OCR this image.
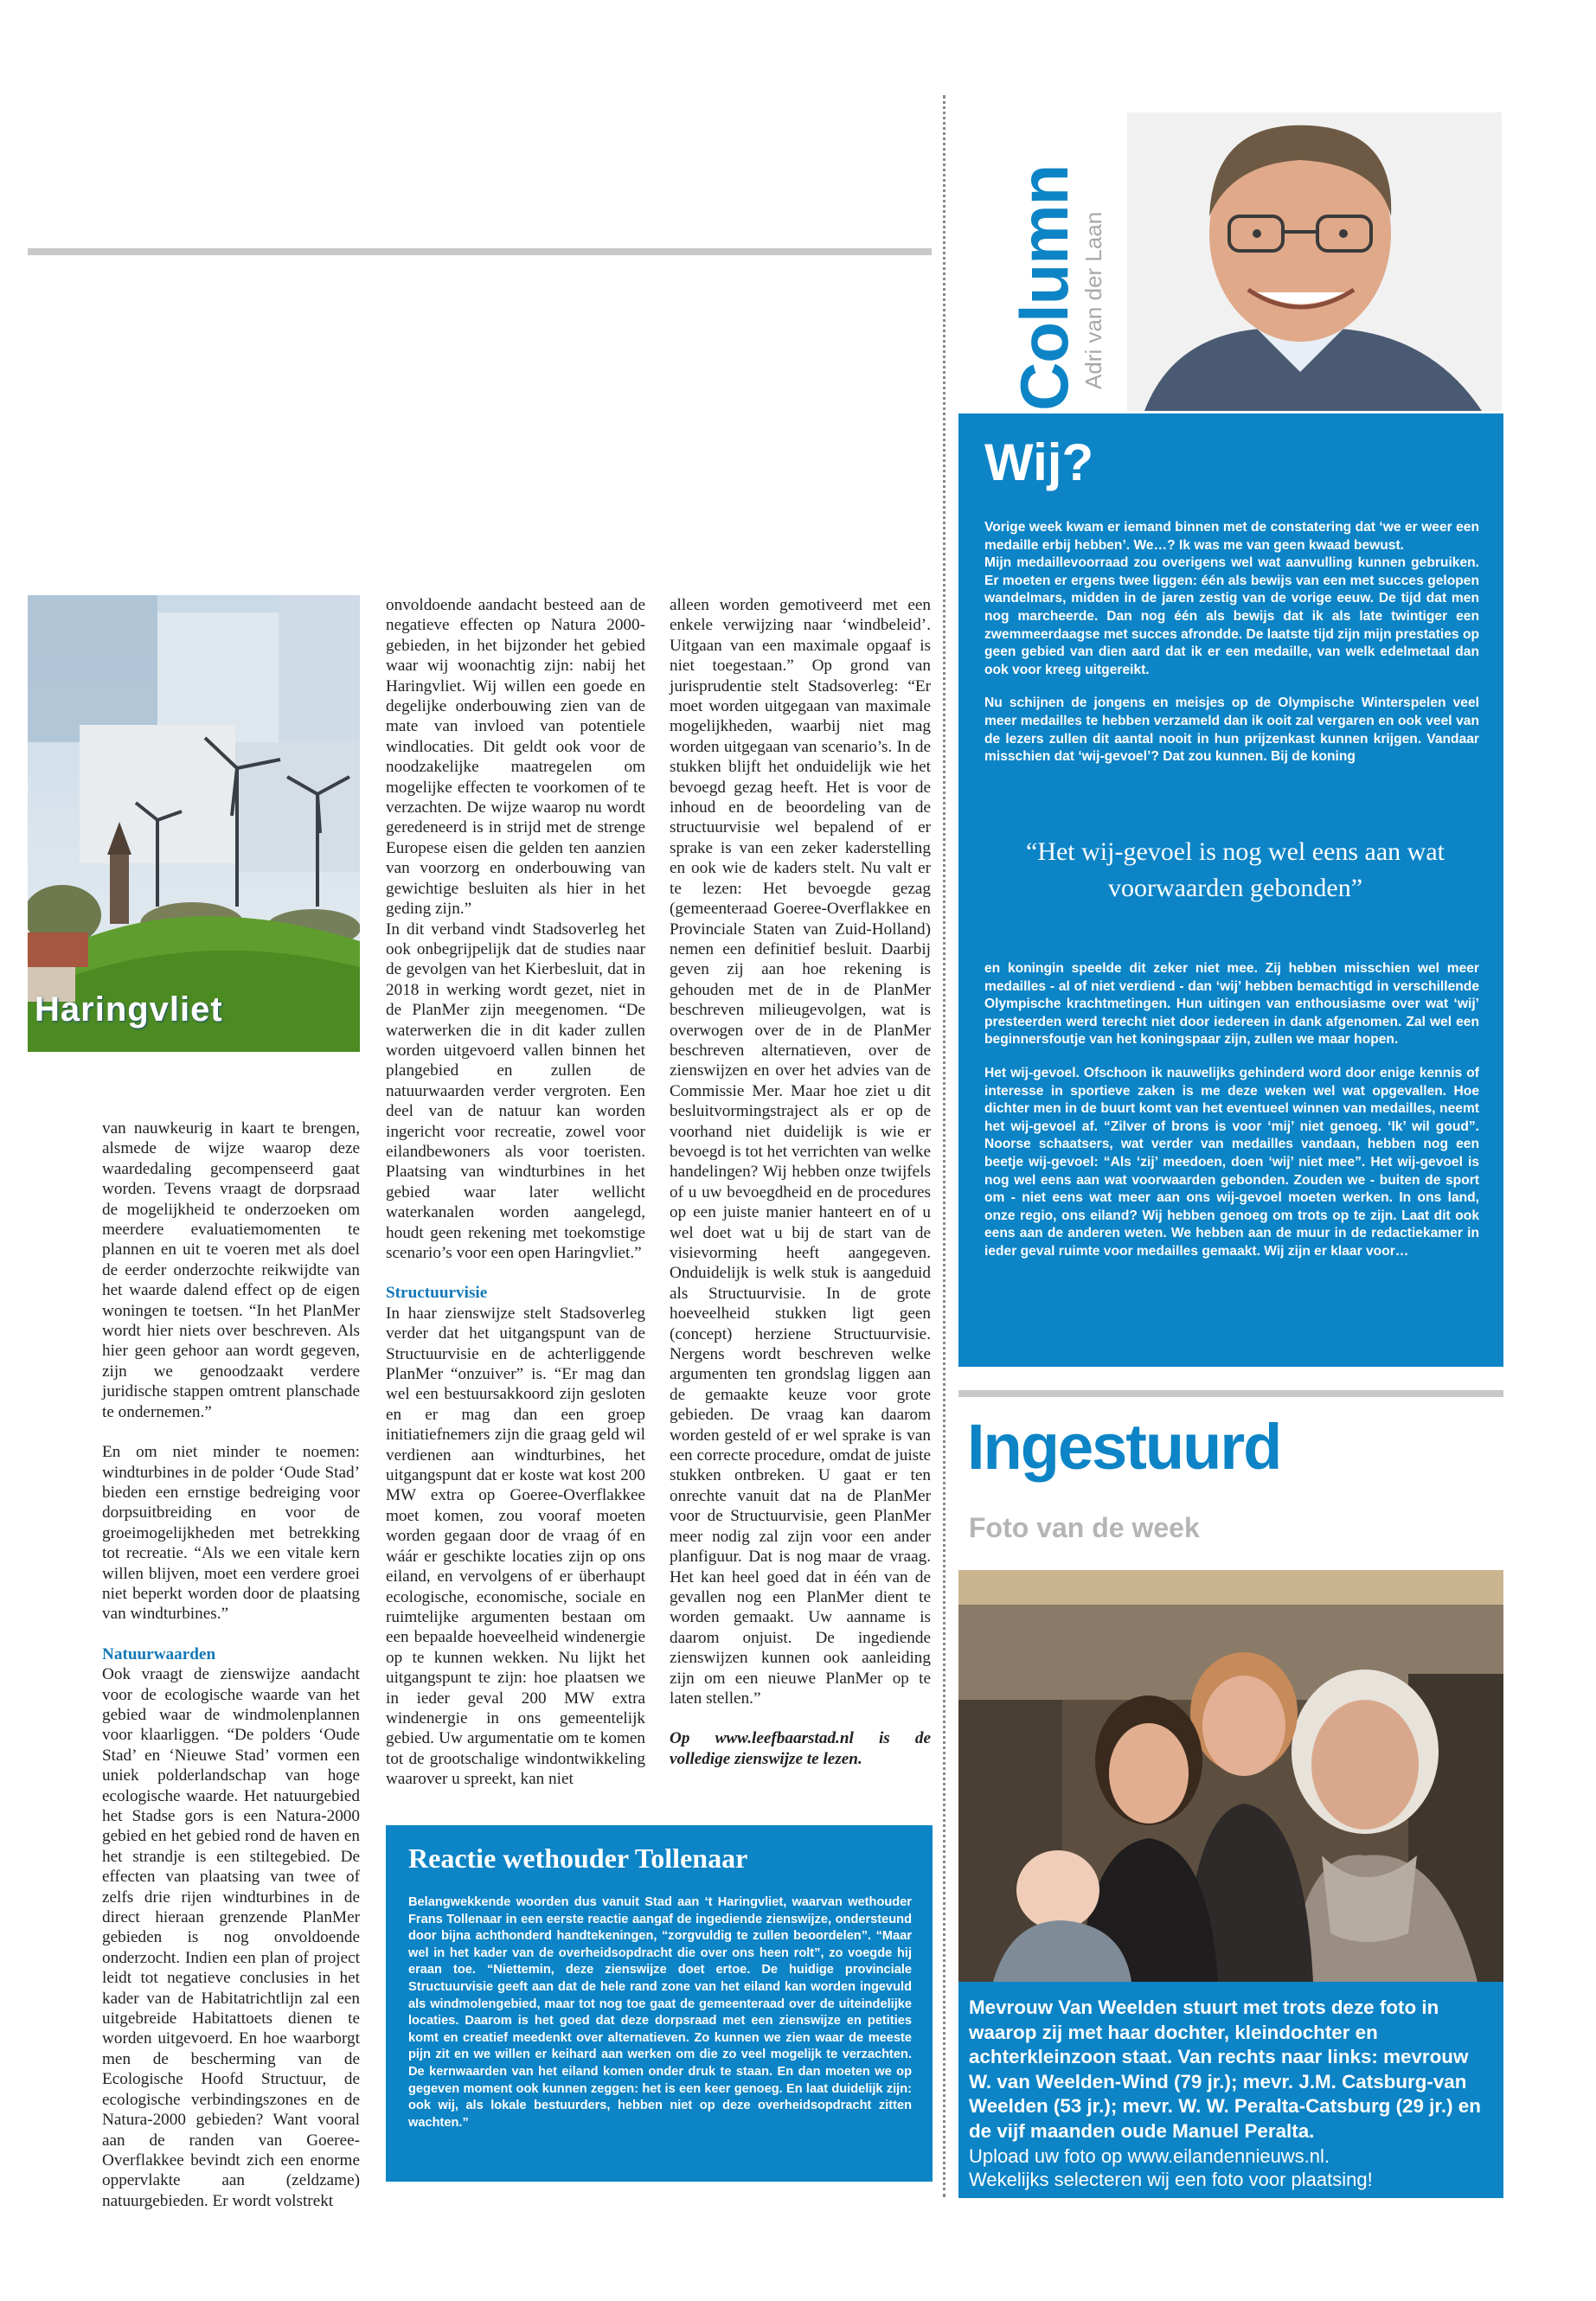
Haringvliet

van nauwkeurig in kaart te brengen, alsmede de wijze waarop deze waardedaling gecompenseerd gaat worden. Tevens vraagt de dorpsraad de mogelijkheid te onderzoeken om meerdere evaluatiemomenten te plannen en uit te voeren met als doel de eerder onderzochte reikwijdte van het waarde dalend effect op de eigen woningen te toetsen. “In het PlanMer wordt hier niets over beschreven. Als hier geen gehoor aan wordt gegeven, zijn we genoodzaakt verdere juridische stappen omtrent planschade te ondernemen.”

En om niet minder te noemen: windturbines in de polder ‘Oude Stad’ bieden een ernstige bedreiging voor dorpsuitbreiding en voor de groeimogelijkheden met betrekking tot recreatie. “Als we een vitale kern willen blijven, moet een verdere groei niet beperkt worden door de plaatsing van windturbines.”

Natuurwaarden

Ook vraagt de zienswijze aandacht voor de ecologische waarde van het gebied waar de windmolenplannen voor klaarliggen. “De polders ‘Oude Stad’ en ‘Nieuwe Stad’ vormen een uniek polderlandschap van hoge ecologische waarde. Het natuurgebied het Stadse gors is een Natura-2000 gebied en het gebied rond de haven en het strandje is een stiltegebied. De effecten van plaatsing van twee of zelfs drie rijen windturbines in de direct hieraan grenzende PlanMer gebieden is nog onvoldoende onderzocht. Indien een plan of project leidt tot negatieve conclusies in het kader van de Habitatrichtlijn zal een uitgebreide Habitattoets dienen te worden uitgevoerd. En hoe waarborgt men de bescherming van de Ecologische Hoofd Structuur, de ecologische verbindingszones en de Natura-2000 gebieden? Want vooral aan de randen van Goeree-Overflakkee bevindt zich een enorme oppervlakte aan (zeldzame) natuurgebieden. Er wordt volstrekt

onvoldoende aandacht besteed aan de negatieve effecten op Natura 2000-gebieden, in het bijzonder het gebied waar wij woonachtig zijn: nabij het Haringvliet. Wij willen een goede en degelijke onderbouwing zien van de mate van invloed van potentiele windlocaties. Dit geldt ook voor de noodzakelijke maatregelen om mogelijke effecten te voorkomen of te verzachten. De wijze waarop nu wordt geredeneerd is in strijd met de strenge Europese eisen die gelden ten aanzien van voorzorg en onderbouwing van gewichtige besluiten als hier in het geding zijn.”

In dit verband vindt Stadsoverleg het ook onbegrijpelijk dat de studies naar de gevolgen van het Kierbesluit, dat in 2018 in werking wordt gezet, niet in de PlanMer zijn meegenomen. “De waterwerken die in dit kader zullen worden uitgevoerd vallen binnen het plangebied en zullen de natuurwaarden verder vergroten. Een deel van de natuur kan worden ingericht voor recreatie, zowel voor eilandbewoners als voor toeristen. Plaatsing van windturbines in het gebied waar later wellicht waterkanalen worden aangelegd, houdt geen rekening met toekomstige scenario’s voor een open Haringvliet.”

Structuurvisie

In haar zienswijze stelt Stadsoverleg verder dat het uitgangspunt van de Structuurvisie en de achterliggende PlanMer “onzuiver” is. “Er mag dan wel een bestuursakkoord zijn gesloten en er mag dan een groep initiatiefnemers zijn die graag geld wil verdienen aan windturbines, het uitgangspunt dat er koste wat kost 200 MW extra op Goeree-Overflakkee moet komen, zou vooraf moeten worden gegaan door de vraag óf en wáár er geschikte locaties zijn op ons eiland, en vervolgens of er überhaupt ecologische, economische, sociale en ruimtelijke argumenten bestaan om een bepaalde hoeveelheid windenergie op te kunnen wekken. Nu lijkt het uitgangspunt te zijn: hoe plaatsen we in ieder geval 200 MW extra windenergie in ons gemeentelijk gebied. Uw argumentatie om te komen tot de grootschalige windontwikkeling waarover u spreekt, kan niet

alleen worden gemotiveerd met een enkele verwijzing naar ‘windbeleid’. Uitgaan van een maximale opgaaf is niet toegestaan.” Op grond van jurisprudentie stelt Stadsoverleg: “Er moet worden uitgegaan van maximale mogelijkheden, waarbij niet mag worden uitgegaan van scenario’s. In de stukken blijft het onduidelijk wie het bevoegd gezag heeft. Het is voor de inhoud en de beoordeling van de structuurvisie wel bepalend of er sprake is van een zeker kaderstelling en ook wie de kaders stelt. Nu valt er te lezen: Het bevoegde gezag (gemeenteraad Goeree-Overflakkee en Provinciale Staten van Zuid-Holland) nemen een definitief besluit. Daarbij geven zij aan hoe rekening is gehouden met de in de PlanMer beschreven milieugevolgen, wat is overwogen over de in de PlanMer beschreven alternatieven, over de zienswijzen en over het advies van de Commissie Mer. Maar hoe ziet u dit besluitvormingstraject als er op de voorhand niet duidelijk is wie er bevoegd is tot het verrichten van welke handelingen? Wij hebben onze twijfels of u uw bevoegdheid en de procedures op een juiste manier hanteert en of u wel doet wat u bij de start van de visievorming heeft aangegeven. Onduidelijk is welk stuk is aangeduid als Structuurvisie. In de grote hoeveelheid stukken ligt geen (concept) herziene Structuurvisie. Nergens wordt beschreven welke argumenten ten grondslag liggen aan de gemaakte keuze voor grote gebieden. De vraag kan daarom worden gesteld of er wel sprake is van een correcte procedure, omdat de juiste stukken ontbreken. U gaat er ten onrechte vanuit dat na de PlanMer voor de Structuurvisie, geen PlanMer meer nodig zal zijn voor een ander planfiguur. Dat is nog maar de vraag. Het kan heel goed dat in één van de gevallen nog een PlanMer dient te worden gemaakt. Uw aanname is daarom onjuist. De ingediende zienswijzen kunnen ook aanleiding zijn om een nieuwe PlanMer op te laten stellen.”

Op www.leefbaarstad.nl is de volledige zienswijze te lezen.

Reactie wethouder Tollenaar
Belangwekkende woorden dus vanuit Stad aan ‘t Haringvliet, waarvan wethouder Frans Tollenaar in een eerste reactie aangaf de ingediende zienswijze, ondersteund door bijna achthonderd handtekeningen, “zorgvuldig te zullen beoordelen”. “Maar wel in het kader van de overheidsopdracht die over ons heen rolt”, zo voegde hij eraan toe. “Niettemin, deze zienswijze doet ertoe. De huidige provinciale Structuurvisie geeft aan dat de hele rand zone van het eiland kan worden ingevuld als windmolengebied, maar tot nog toe gaat de gemeenteraad over de uiteindelijke locaties. Daarom is het goed dat deze dorpsraad met een zienswijze en petities komt en creatief meedenkt over alternatieven. Zo kunnen we zien waar de meeste pijn zit en we willen er keihard aan werken om die zo veel mogelijk te verzachten. De kernwaarden van het eiland komen onder druk te staan. En dan moeten we op gegeven moment ook kunnen zeggen: het is een keer genoeg. En laat duidelijk zijn: ook wij, als lokale bestuurders, hebben niet op deze overheidsopdracht zitten wachten.”
Column
Adri van der Laan
Wij?

Vorige week kwam er iemand binnen met de constatering dat ‘we er weer een medaille erbij hebben’. We…? Ik was me van geen kwaad bewust.

Mijn medaillevoorraad zou overigens wel wat aanvulling kunnen gebruiken. Er moeten er ergens twee liggen: één als bewijs van een met succes gelopen wandelmars, midden in de jaren zestig van de vorige eeuw. De tijd dat men nog marcheerde. Dan nog één als bewijs dat ik als late twintiger een zwemmeerdaagse met succes afrondde. De laatste tijd zijn mijn prestaties op geen gebied van dien aard dat ik er een medaille, van welk edelmetaal dan ook voor kreeg uitgereikt.

Nu schijnen de jongens en meisjes op de Olympische Winterspelen veel meer medailles te hebben verzameld dan ik ooit zal vergaren en ook veel van de lezers zullen dit aantal nooit in hun prijzenkast kunnen krijgen. Vandaar misschien dat ‘wij-gevoel’? Dat zou kunnen. Bij de koning

“Het wij-gevoel is nog wel eens aan wat voorwaarden gebonden”

en koningin speelde dit zeker niet mee. Zij hebben misschien wel meer medailles - al of niet verdiend - dan ‘wij’ hebben bemachtigd in verschillende Olympische krachtmetingen. Hun uitingen van enthousiasme over wat ‘wij’ presteerden werd terecht niet door iedereen in dank afgenomen. Zal wel een beginnersfoutje van het koningspaar zijn, zullen we maar hopen.

Het wij-gevoel. Ofschoon ik nauwelijks gehinderd word door enige kennis of interesse in sportieve zaken is me deze weken wel wat opgevallen. Hoe dichter men in de buurt komt van het eventueel winnen van medailles, neemt het wij-gevoel af. “Zilver of brons is voor ‘mij’ niet genoeg. ‘Ik’ wil goud”. Noorse schaatsers, wat verder van medailles vandaan, hebben nog een beetje wij-gevoel: “Als ‘zij’ meedoen, doen ‘wij’ niet mee”. Het wij-gevoel is nog wel eens aan wat voorwaarden gebonden. Zouden we - buiten de sport om - niet eens wat meer aan ons wij-gevoel moeten werken. In ons land, onze regio, ons eiland? Wij hebben genoeg om trots op te zijn. Laat dit ook eens aan de anderen weten. We hebben aan de muur in de redactiekamer in ieder geval ruimte voor medailles gemaakt. Wij zijn er klaar voor…

Ingestuurd
Foto van de week
Mevrouw Van Weelden stuurt met trots deze foto in waarop zij met haar dochter, kleindochter en achterkleinzoon staat. Van rechts naar links: mevrouw W. van Weelden-Wind (79 jr.); mevr. J.M. Catsburg-van Weelden (53 jr.); mevr. W. W. Peralta-Catsburg (29 jr.) en de vijf maanden oude Manuel Peralta.
Upload uw foto op www.eilandennieuws.nl.
Wekelijks selecteren wij een foto voor plaatsing!
